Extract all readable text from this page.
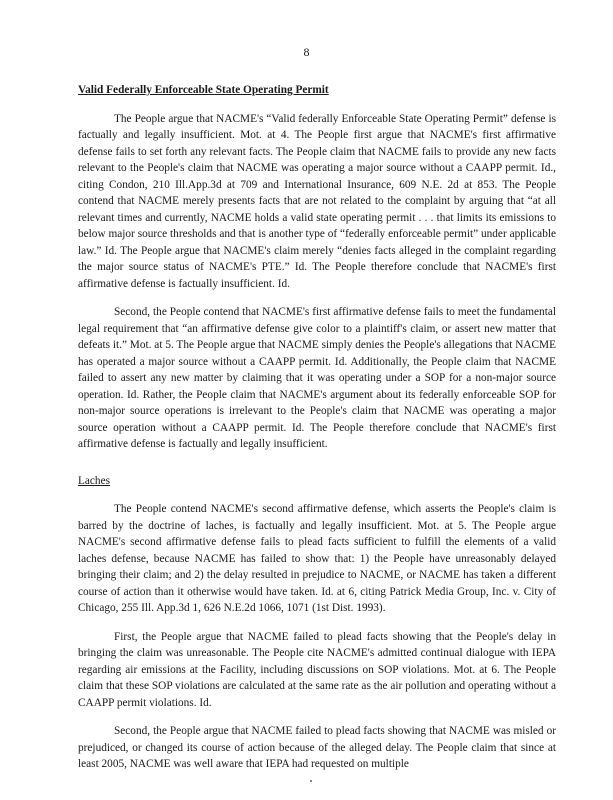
8
Valid Federally Enforceable State Operating Permit

The People argue that NACME's “Valid federally Enforceable State Operating Permit” defense is factually and legally insufficient. Mot. at 4. The People first argue that NACME's first affirmative defense fails to set forth any relevant facts. The People claim that NACME fails to provide any new facts relevant to the People's claim that NACME was operating a major source without a CAAPP permit. Id., citing Condon, 210 Ill.App.3d at 709 and International Insurance, 609 N.E. 2d at 853. The People contend that NACME merely presents facts that are not related to the complaint by arguing that “at all relevant times and currently, NACME holds a valid state operating permit . . . that limits its emissions to below major source thresholds and that is another type of “federally enforceable permit” under applicable law.” Id. The People argue that NACME's claim merely “denies facts alleged in the complaint regarding the major source status of NACME's PTE.” Id. The People therefore conclude that NACME's first affirmative defense is factually insufficient. Id.

Second, the People contend that NACME's first affirmative defense fails to meet the fundamental legal requirement that “an affirmative defense give color to a plaintiff's claim, or assert new matter that defeats it.” Mot. at 5. The People argue that NACME simply denies the People's allegations that NACME has operated a major source without a CAAPP permit. Id. Additionally, the People claim that NACME failed to assert any new matter by claiming that it was operating under a SOP for a non-major source operation. Id. Rather, the People claim that NACME's argument about its federally enforceable SOP for non-major source operations is irrelevant to the People's claim that NACME was operating a major source operation without a CAAPP permit. Id. The People therefore conclude that NACME's first affirmative defense is factually and legally insufficient.

Laches

The People contend NACME's second affirmative defense, which asserts the People's claim is barred by the doctrine of laches, is factually and legally insufficient. Mot. at 5. The People argue NACME's second affirmative defense fails to plead facts sufficient to fulfill the elements of a valid laches defense, because NACME has failed to show that: 1) the People have unreasonably delayed bringing their claim; and 2) the delay resulted in prejudice to NACME, or NACME has taken a different course of action than it otherwise would have taken. Id. at 6, citing Patrick Media Group, Inc. v. City of Chicago, 255 Ill. App.3d 1, 626 N.E.2d 1066, 1071 (1st Dist. 1993).

First, the People argue that NACME failed to plead facts showing that the People's delay in bringing the claim was unreasonable. The People cite NACME's admitted continual dialogue with IEPA regarding air emissions at the Facility, including discussions on SOP violations. Mot. at 6. The People claim that these SOP violations are calculated at the same rate as the air pollution and operating without a CAAPP permit violations. Id.

Second, the People argue that NACME failed to plead facts showing that NACME was misled or prejudiced, or changed its course of action because of the alleged delay. The People claim that since at least 2005, NACME was well aware that IEPA had requested on multiple
